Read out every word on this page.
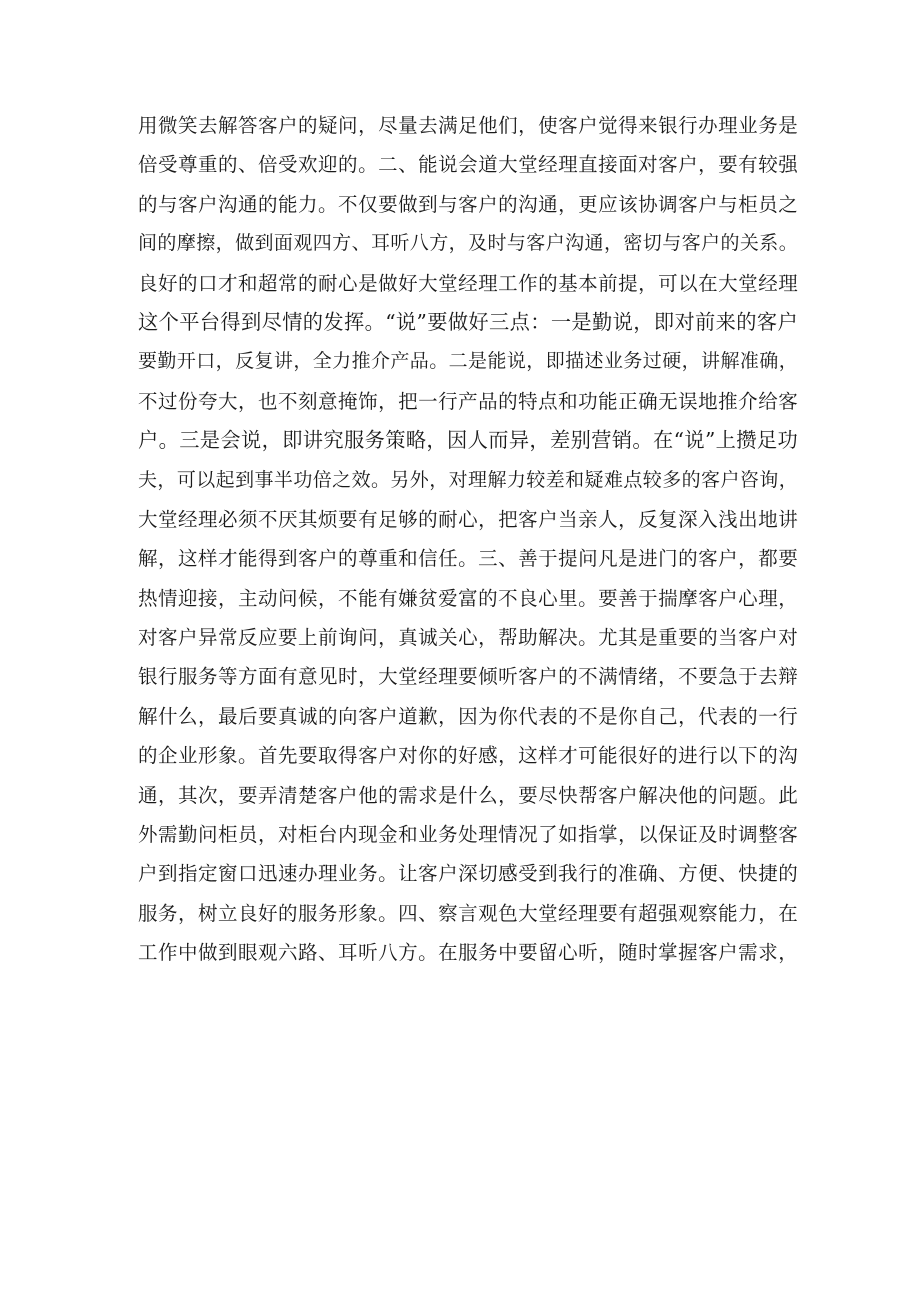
用微笑去解答客户的疑问，尽量去满足他们，使客户觉得来银行办理业务是
倍受尊重的、倍受欢迎的。二、能说会道大堂经理直接面对客户，要有较强
的与客户沟通的能力。不仅要做到与客户的沟通，更应该协调客户与柜员之
间的摩擦，做到面观四方、耳听八方，及时与客户沟通，密切与客户的关系。
良好的口才和超常的耐心是做好大堂经理工作的基本前提，可以在大堂经理
这个平台得到尽情的发挥。“说”要做好三点：一是勤说，即对前来的客户
要勤开口，反复讲，全力推介产品。二是能说，即描述业务过硬，讲解准确，
不过份夸大，也不刻意掩饰，把一行产品的特点和功能正确无误地推介给客
户。三是会说，即讲究服务策略，因人而异，差别营销。在“说”上攒足功
夫，可以起到事半功倍之效。另外，对理解力较差和疑难点较多的客户咨询，
大堂经理必须不厌其烦要有足够的耐心，把客户当亲人，反复深入浅出地讲
解，这样才能得到客户的尊重和信任。三、善于提问凡是进门的客户，都要
热情迎接，主动问候，不能有嫌贫爱富的不良心里。要善于揣摩客户心理，
对客户异常反应要上前询问，真诚关心，帮助解决。尤其是重要的当客户对
银行服务等方面有意见时，大堂经理要倾听客户的不满情绪，不要急于去辩
解什么，最后要真诚的向客户道歉，因为你代表的不是你自己，代表的一行
的企业形象。首先要取得客户对你的好感，这样才可能很好的进行以下的沟
通，其次，要弄清楚客户他的需求是什么，要尽快帮客户解决他的问题。此
外需勤问柜员，对柜台内现金和业务处理情况了如指掌，以保证及时调整客
户到指定窗口迅速办理业务。让客户深切感受到我行的准确、方便、快捷的
服务，树立良好的服务形象。四、察言观色大堂经理要有超强观察能力，在
工作中做到眼观六路、耳听八方。在服务中要留心听，随时掌握客户需求，
